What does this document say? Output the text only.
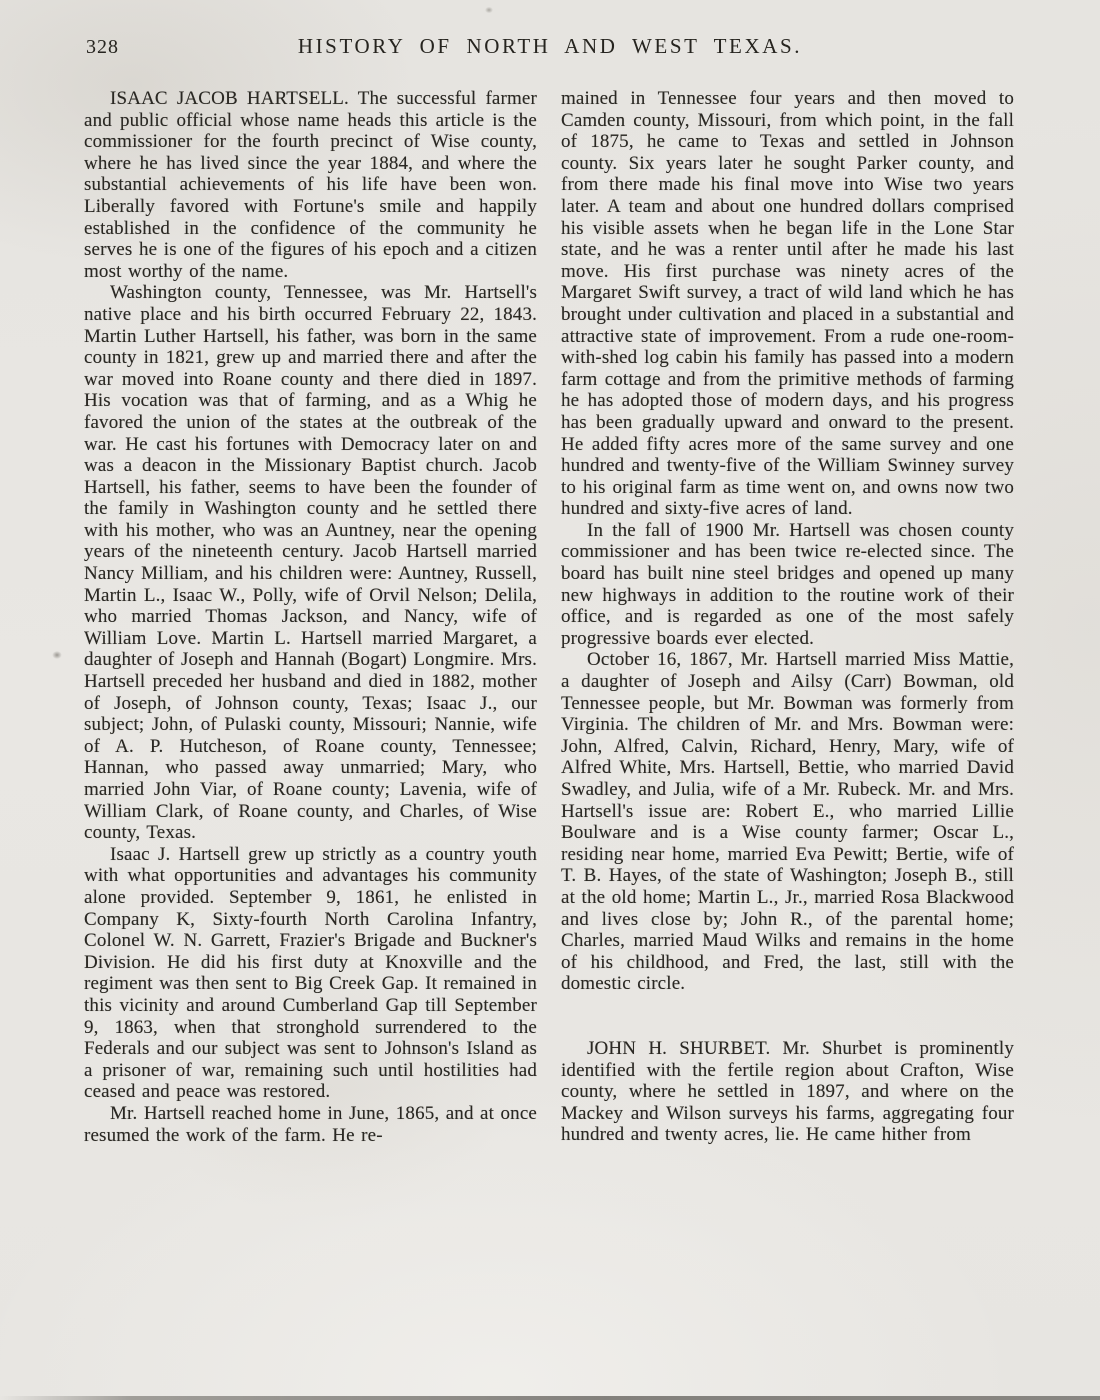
328	HISTORY OF NORTH AND WEST TEXAS.

ISAAC JACOB HARTSELL. The successful farmer and public official whose name heads this article is the commissioner for the fourth precinct of Wise county, where he has lived since the year 1884, and where the substantial achievements of his life have been won. Liberally favored with Fortune's smile and happily established in the confidence of the community he serves he is one of the figures of his epoch and a citizen most worthy of the name.

Washington county, Tennessee, was Mr. Hartsell's native place and his birth occurred February 22, 1843. Martin Luther Hartsell, his father, was born in the same county in 1821, grew up and married there and after the war moved into Roane county and there died in 1897. His vocation was that of farming, and as a Whig he favored the union of the states at the outbreak of the war. He cast his fortunes with Democracy later on and was a deacon in the Missionary Baptist church. Jacob Hartsell, his father, seems to have been the founder of the family in Washington county and he settled there with his mother, who was an Auntney, near the opening years of the nineteenth century. Jacob Hartsell married Nancy Milliam, and his children were: Auntney, Russell, Martin L., Isaac W., Polly, wife of Orvil Nelson; Delila, who married Thomas Jackson, and Nancy, wife of William Love. Martin L. Hartsell married Margaret, a daughter of Joseph and Hannah (Bogart) Longmire. Mrs. Hartsell preceded her husband and died in 1882, mother of Joseph, of Johnson county, Texas; Isaac J., our subject; John, of Pulaski county, Missouri; Nannie, wife of A. P. Hutcheson, of Roane county, Tennessee; Hannan, who passed away unmarried; Mary, who married John Viar, of Roane county; Lavenia, wife of William Clark, of Roane county, and Charles, of Wise county, Texas.

Isaac J. Hartsell grew up strictly as a country youth with what opportunities and advantages his community alone provided. September 9, 1861, he enlisted in Company K, Sixty-fourth North Carolina Infantry, Colonel W. N. Garrett, Frazier's Brigade and Buckner's Division. He did his first duty at Knoxville and the regiment was then sent to Big Creek Gap. It remained in this vicinity and around Cumberland Gap till September 9, 1863, when that stronghold surrendered to the Federals and our subject was sent to Johnson's Island as a prisoner of war, remaining such until hostilities had ceased and peace was restored.

Mr. Hartsell reached home in June, 1865, and at once resumed the work of the farm. He re-

mained in Tennessee four years and then moved to Camden county, Missouri, from which point, in the fall of 1875, he came to Texas and settled in Johnson county. Six years later he sought Parker county, and from there made his final move into Wise two years later. A team and about one hundred dollars comprised his visible assets when he began life in the Lone Star state, and he was a renter until after he made his last move. His first purchase was ninety acres of the Margaret Swift survey, a tract of wild land which he has brought under cultivation and placed in a substantial and attractive state of improvement. From a rude one-room-with-shed log cabin his family has passed into a modern farm cottage and from the primitive methods of farming he has adopted those of modern days, and his progress has been gradually upward and onward to the present. He added fifty acres more of the same survey and one hundred and twenty-five of the William Swinney survey to his original farm as time went on, and owns now two hundred and sixty-five acres of land.

In the fall of 1900 Mr. Hartsell was chosen county commissioner and has been twice re-elected since. The board has built nine steel bridges and opened up many new highways in addition to the routine work of their office, and is regarded as one of the most safely progressive boards ever elected.

October 16, 1867, Mr. Hartsell married Miss Mattie, a daughter of Joseph and Ailsy (Carr) Bowman, old Tennessee people, but Mr. Bowman was formerly from Virginia. The children of Mr. and Mrs. Bowman were: John, Alfred, Calvin, Richard, Henry, Mary, wife of Alfred White, Mrs. Hartsell, Bettie, who married David Swadley, and Julia, wife of a Mr. Rubeck. Mr. and Mrs. Hartsell's issue are: Robert E., who married Lillie Boulware and is a Wise county farmer; Oscar L., residing near home, married Eva Pewitt; Bertie, wife of T. B. Hayes, of the state of Washington; Joseph B., still at the old home; Martin L., Jr., married Rosa Blackwood and lives close by; John R., of the parental home; Charles, married Maud Wilks and remains in the home of his childhood, and Fred, the last, still with the domestic circle.

JOHN H. SHURBET. Mr. Shurbet is prominently identified with the fertile region about Crafton, Wise county, where he settled in 1897, and where on the Mackey and Wilson surveys his farms, aggregating four hundred and twenty acres, lie. He came hither from
